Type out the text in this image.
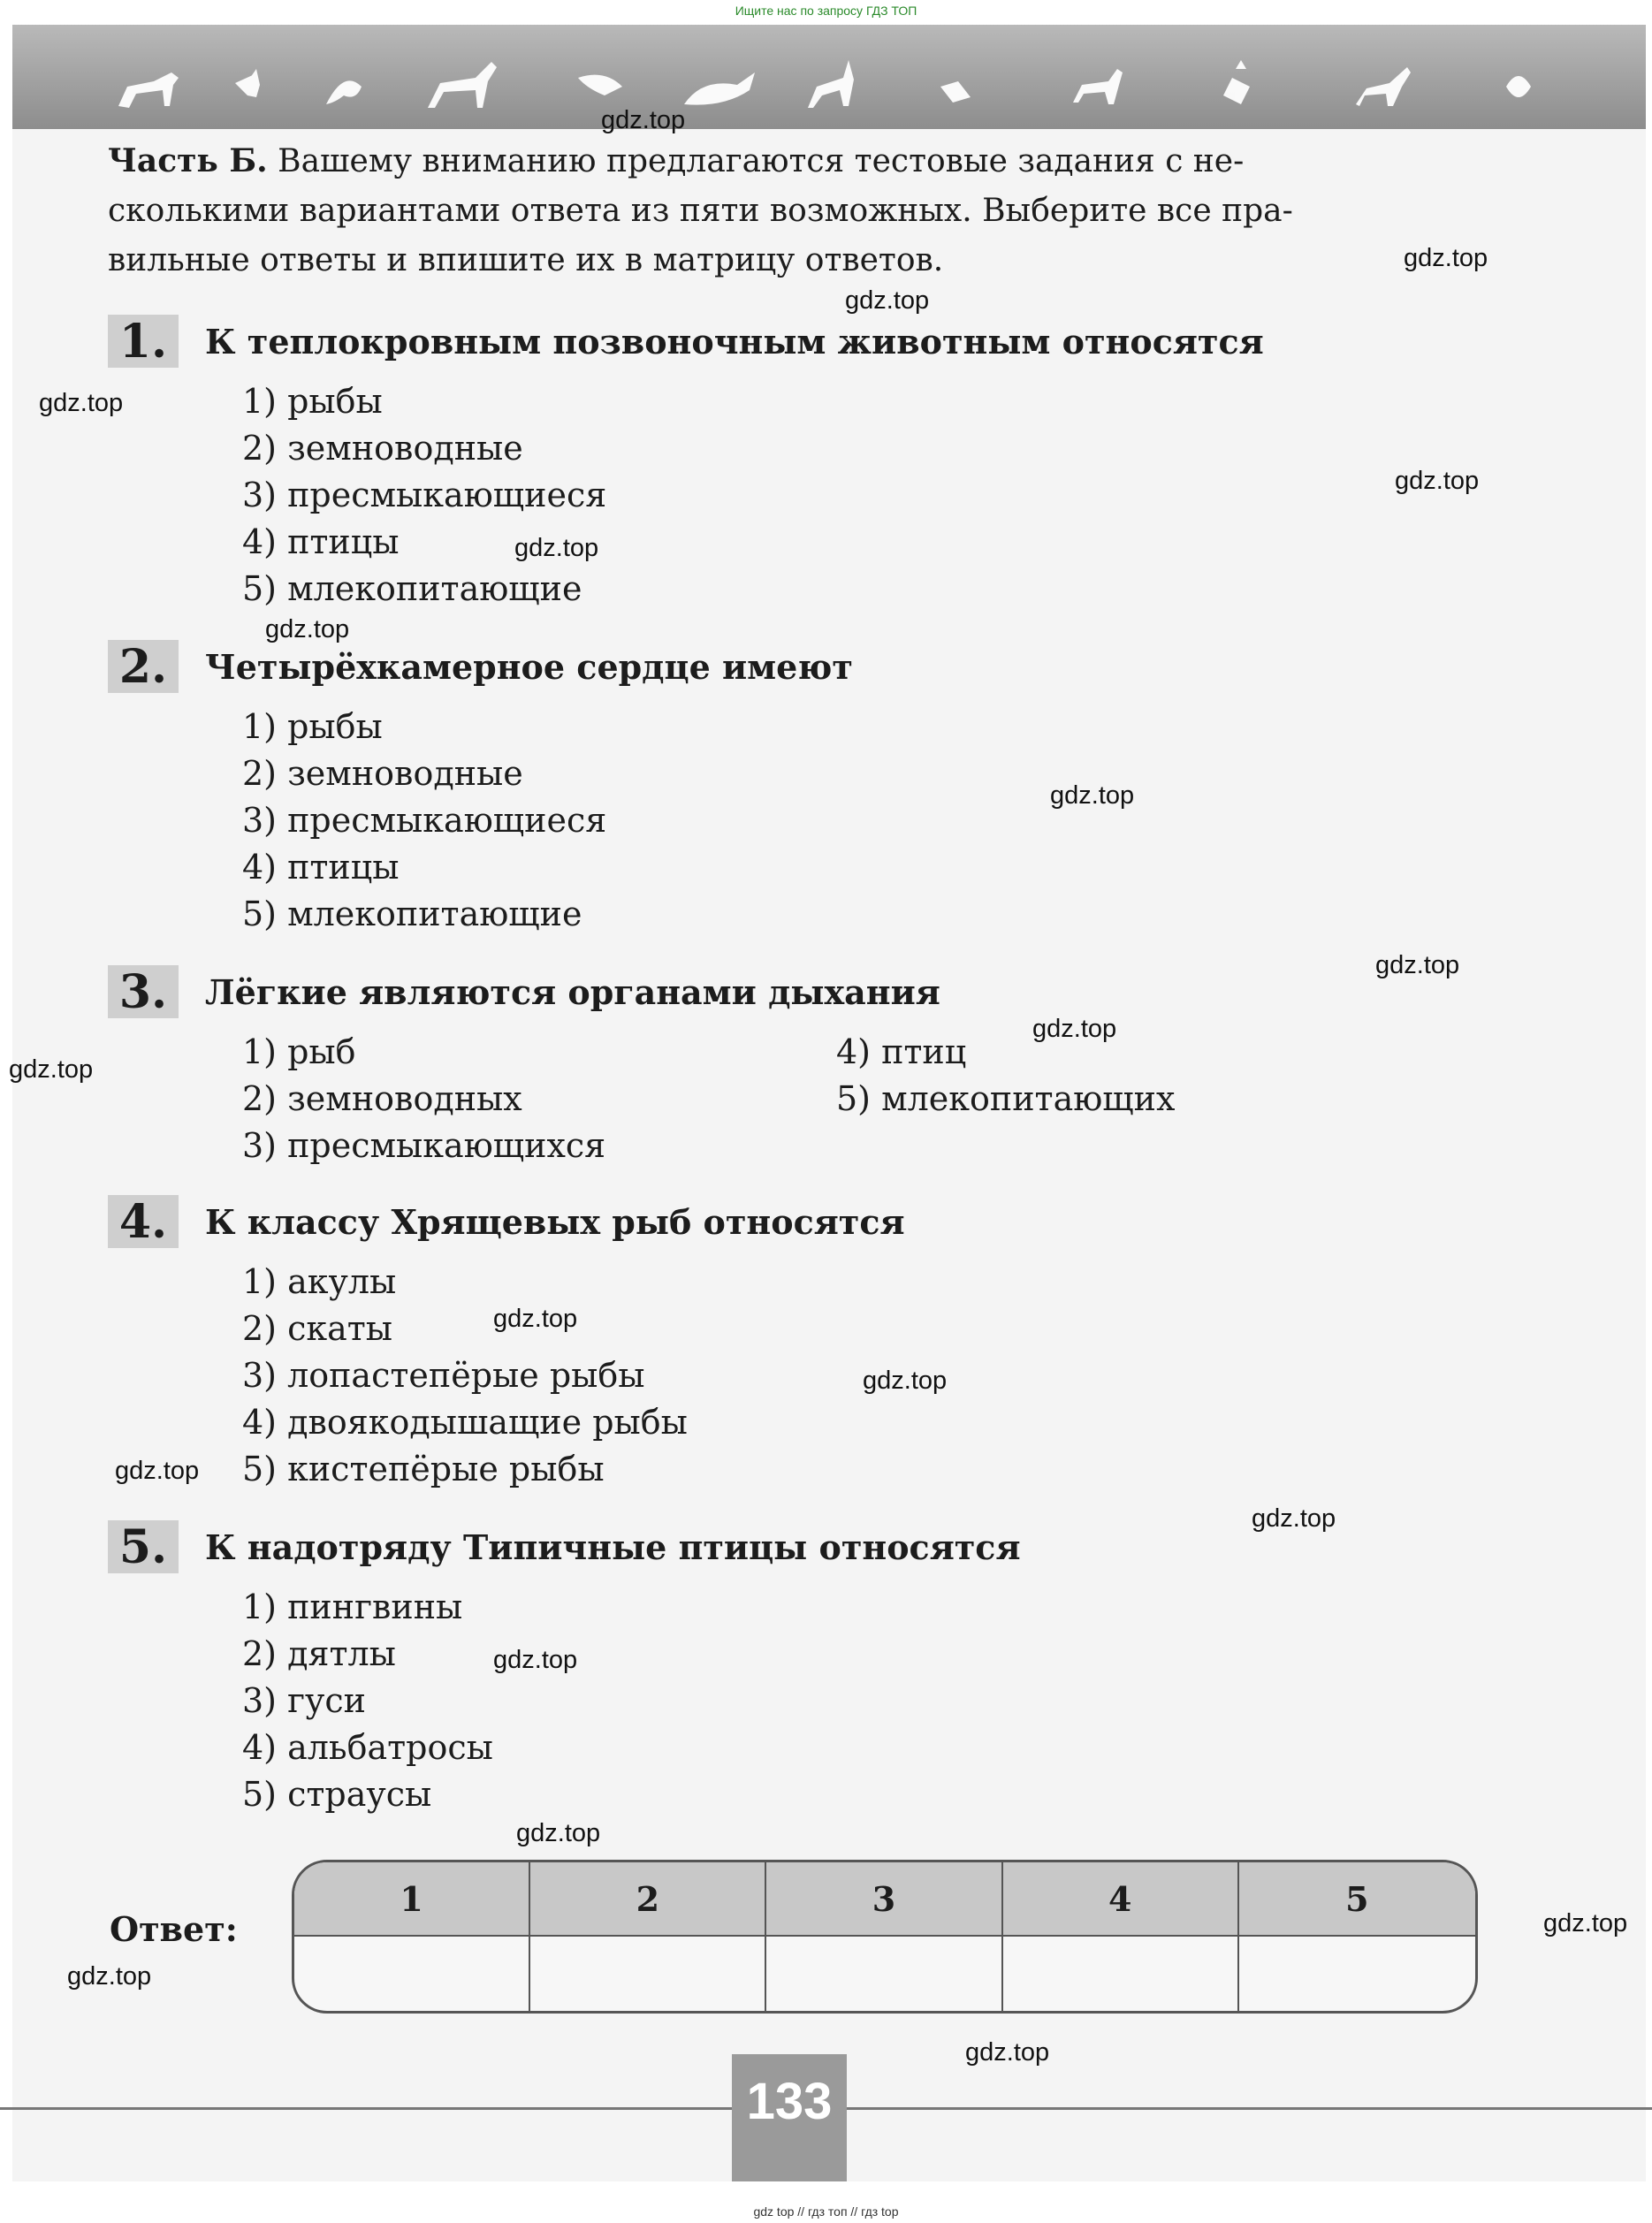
Ищите нас по запросу ГДЗ ТОП
Часть Б. Вашему вниманию предлагаются тестовые задания с не-
сколькими вариантами ответа из пяти возможных. Выберите все пра-
вильные ответы и впишите их в матрицу ответов.
1.	К теплокровным позвоночным животным относятся
1) рыбы
2) земноводные
3) пресмыкающиеся
4) птицы
5) млекопитающие
2.	Четырёхкамерное сердце имеют
1) рыбы
2) земноводные
3) пресмыкающиеся
4) птицы
5) млекопитающие
3.	Лёгкие являются органами дыхания
1) рыб
2) земноводных
3) пресмыкающихся
4) птиц
5) млекопитающих
4.	К классу Хрящевых рыб относятся
1) акулы
2) скаты
3) лопастепёрые рыбы
4) двоякодышащие рыбы
5) кистепёрые рыбы
5.	К надотряду Типичные птицы относятся
1) пингвины
2) дятлы
3) гуси
4) альбатросы
5) страусы
Ответ:
1	2	3	4	5
133
gdz.top
gdz.top
gdz.top
gdz.top
gdz.top
gdz.top
gdz.top
gdz.top
gdz.top
gdz.top
gdz.top
gdz.top
gdz.top
gdz.top
gdz.top
gdz.top
gdz.top
gdz.top
gdz.top
gdz.top
gdz top // гдз топ // гдз top
